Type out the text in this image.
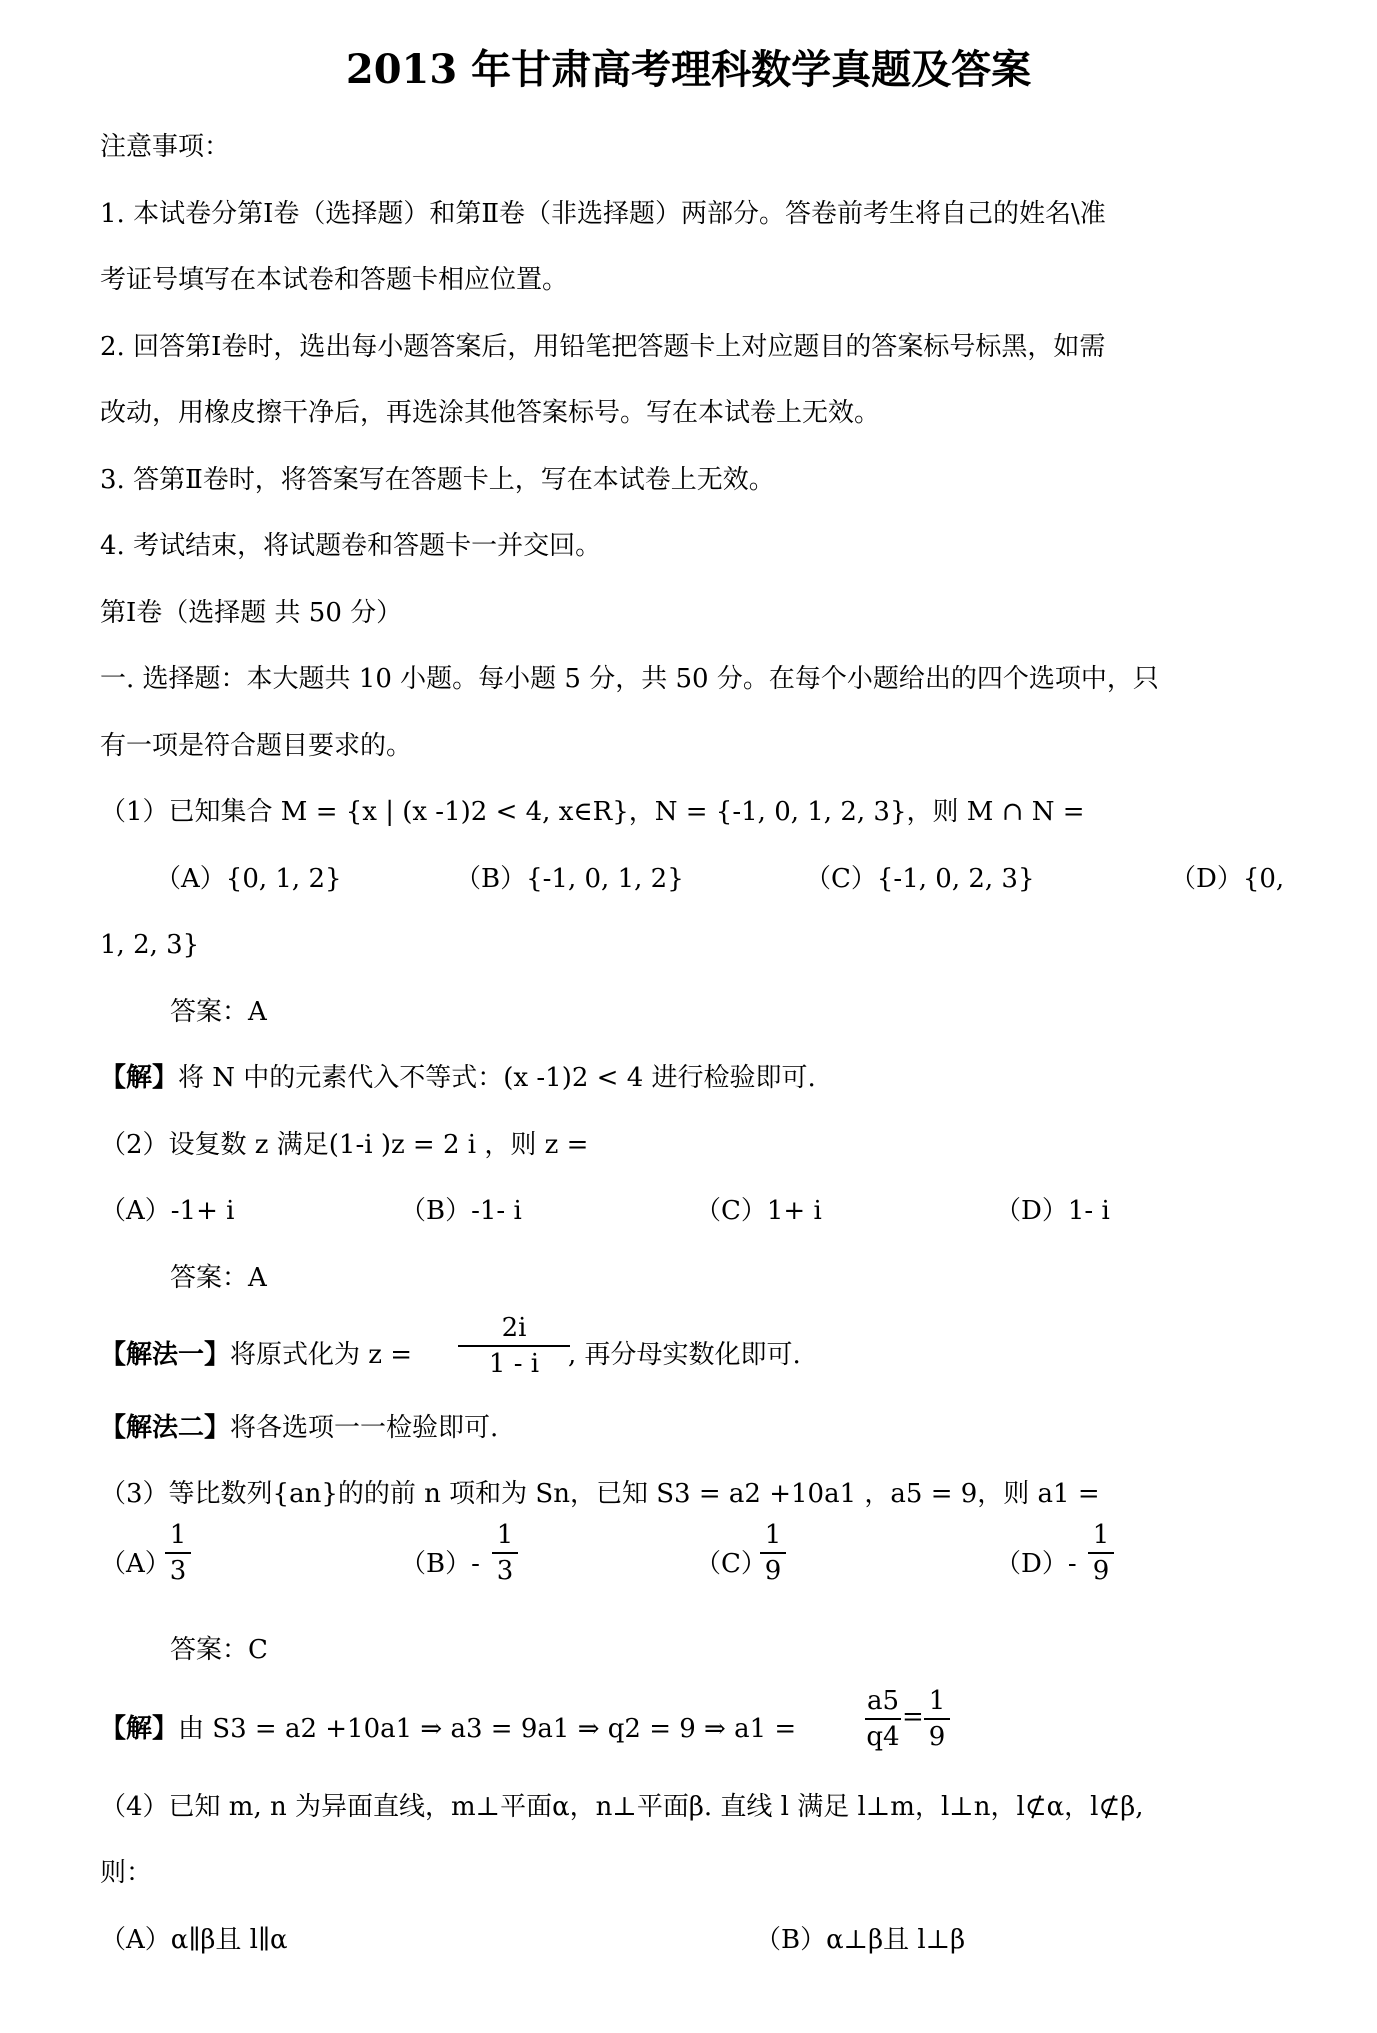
2013 年甘肃高考理科数学真题及答案
注意事项：
1. 本试卷分第Ⅰ卷（选择题）和第Ⅱ卷（非选择题）两部分。答卷前考生将自己的姓名\准
考证号填写在本试卷和答题卡相应位置。
2. 回答第Ⅰ卷时，选出每小题答案后，用铅笔把答题卡上对应题目的答案标号标黑，如需
改动，用橡皮擦干净后，再选涂其他答案标号。写在本试卷上无效。
3. 答第Ⅱ卷时，将答案写在答题卡上，写在本试卷上无效。
4. 考试结束，将试题卷和答题卡一并交回。
第Ⅰ卷（选择题 共 50 分）
一. 选择题：本大题共 10 小题。每小题 5 分，共 50 分。在每个小题给出的四个选项中，只
有一项是符合题目要求的。
（1）已知集合 M = {x | (x -1)2 < 4, x∈R}，N = {-1, 0, 1, 2, 3}，则 M ∩ N =
（A）{0, 1, 2}	（B）{-1, 0, 1, 2}	（C）{-1, 0, 2, 3}	（D）{0,
1, 2, 3}
答案：A
【解】将 N 中的元素代入不等式：(x -1)2 < 4 进行检验即可.
（2）设复数 z 满足(1-i )z = 2 i ，则 z =
（A）-1+ i	（B）-1- i	（C）1+ i	（D）1- i
答案：A
【解法一】将原式化为 z =
2i
1 - i	, 再分母实数化即可.
【解法二】将各选项一一检验即可.
（3）等比数列{an}的的前 n 项和为 Sn，已知 S3 = a2 +10a1 ，a5 = 9，则 a1 =
（A）
1
3	（B）-
1
3	（C）
1
9	（D）-
1
9
答案：C
【解】由 S3 = a2 +10a1 ⇒ a3 = 9a1 ⇒ q2 = 9 ⇒ a1 =
a5
q4
=
1
9
（4）已知 m, n 为异面直线，m⊥平面α，n⊥平面β. 直线 l 满足 l⊥m，l⊥n，l⊄α，l⊄β,
则：
（A）α∥β且 l∥α	（B）α⊥β且 l⊥β
